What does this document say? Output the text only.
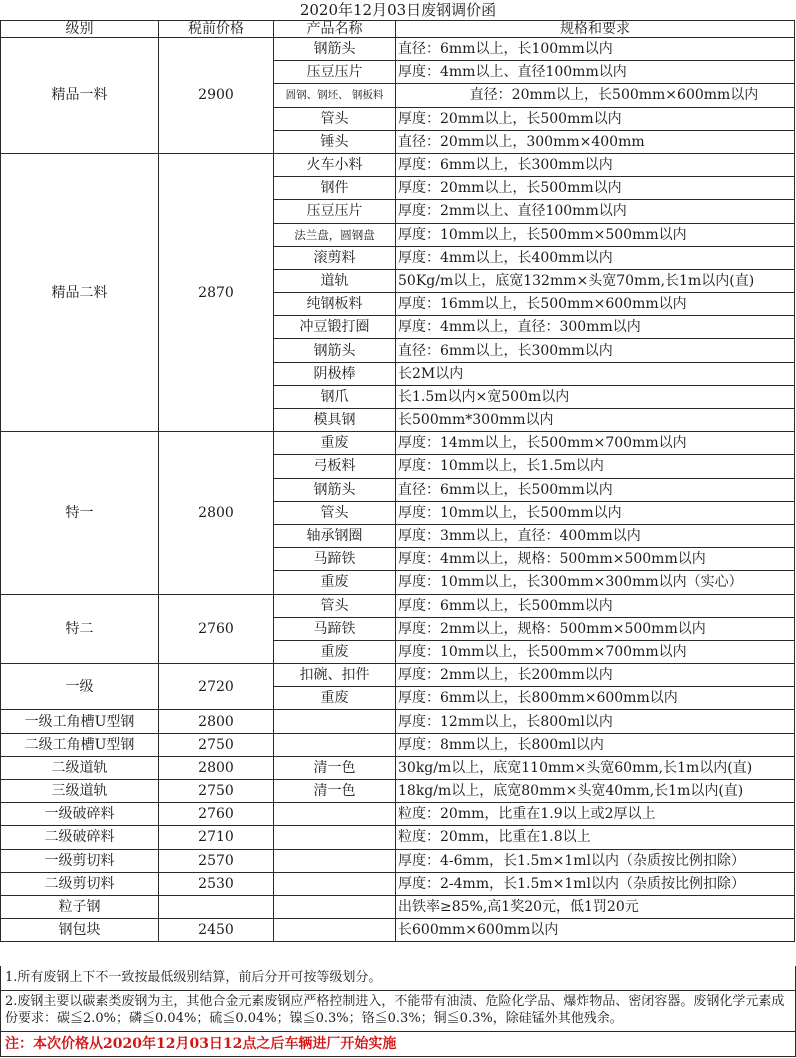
2020年12月03日废钢调价函
级别	税前价格	产品名称	规格和要求
精品一料	2900	钢筋头	直径：6mm以上，长100mm以内
		压豆压片	厚度：4mm以上、直径100mm以内
		圆钢、钢坯、 钢板料	直径：20mm以上，长500mm×600mm以内
		管头	厚度：20mm以上，长500mm以内
		锤头	直径：20mm以上，300mm×400mm
精品二料	2870	火车小料	厚度：6mm以上，长300mm以内
		钢件	厚度：20mm以上，长500mm以内
		压豆压片	厚度：2mm以上、直径100mm以内
		法兰盘，圆钢盘	厚度：10mm以上，长500mm×500mm以内
		滚剪料	厚度：4mm以上，长400mm以内
		道轨	50Kg/m以上，底宽132mm×头宽70mm,长1m以内(直)
		纯钢板料	厚度：16mm以上，长500mm×600mm以内
		冲豆锻打圈	厚度：4mm以上，直径：300mm以内
		钢筋头	直径：6mm以上，长300mm以内
		阴极棒	长2M以内
		钢爪	长1.5m以内×宽500m以内
		模具钢	长500mm*300mm以内
特一	2800	重废	厚度：14mm以上，长500mm×700mm以内
		弓板料	厚度：10mm以上，长1.5m以内
		钢筋头	直径：6mm以上，长500mm以内
		管头	厚度：10mm以上，长500mm以内
		轴承钢圈	厚度：3mm以上，直径：400mm以内
		马蹄铁	厚度：4mm以上，规格：500mm×500mm以内
		重废	厚度：10mm以上，长300mm×300mm以内（实心）
特二	2760	管头	厚度：6mm以上，长500mm以内
		马蹄铁	厚度：2mm以上，规格：500mm×500mm以内
		重废	厚度：10mm以上，长500mm×700mm以内
一级	2720	扣碗、扣件	厚度：2mm以上，长200mm以内
		重废	厚度：6mm以上，长800mm×600mm以内
一级工角槽U型钢	2800		厚度：12mm以上，长800ml以内
二级工角槽U型钢	2750		厚度：8mm以上，长800ml以内
二级道轨	2800	清一色	30kg/m以上，底宽110mm×头宽60mm,长1m以内(直)
三级道轨	2750	清一色	18kg/m以上，底宽80mm×头宽40mm,长1m以内(直)
一级破碎料	2760		粒度：20mm，比重在1.9以上或2厚以上
二级破碎料	2710		粒度：20mm，比重在1.8以上
一级剪切料	2570		厚度：4-6mm，长1.5m×1ml以内（杂质按比例扣除）
二级剪切料	2530		厚度：2-4mm，长1.5m×1ml以内（杂质按比例扣除）
粒子钢			出铁率≥85%,高1奖20元，低1罚20元
钢包块	2450		长600mm×600mm以内
1.所有废钢上下不一致按最低级别结算，前后分开可按等级划分。
2.废钢主要以碳素类废钢为主，其他合金元素废钢应严格控制进入，不能带有油渍、危险化学品、爆炸物品、密闭容器。废钢化学元素成份要求：碳≦2.0%；磷≦0.04%；硫≦0.04%；镍≦0.3%；铬≦0.3%；铜≦0.3%，除硅锰外其他残余。
注：本次价格从2020年12月03日12点之后车辆进厂开始实施
